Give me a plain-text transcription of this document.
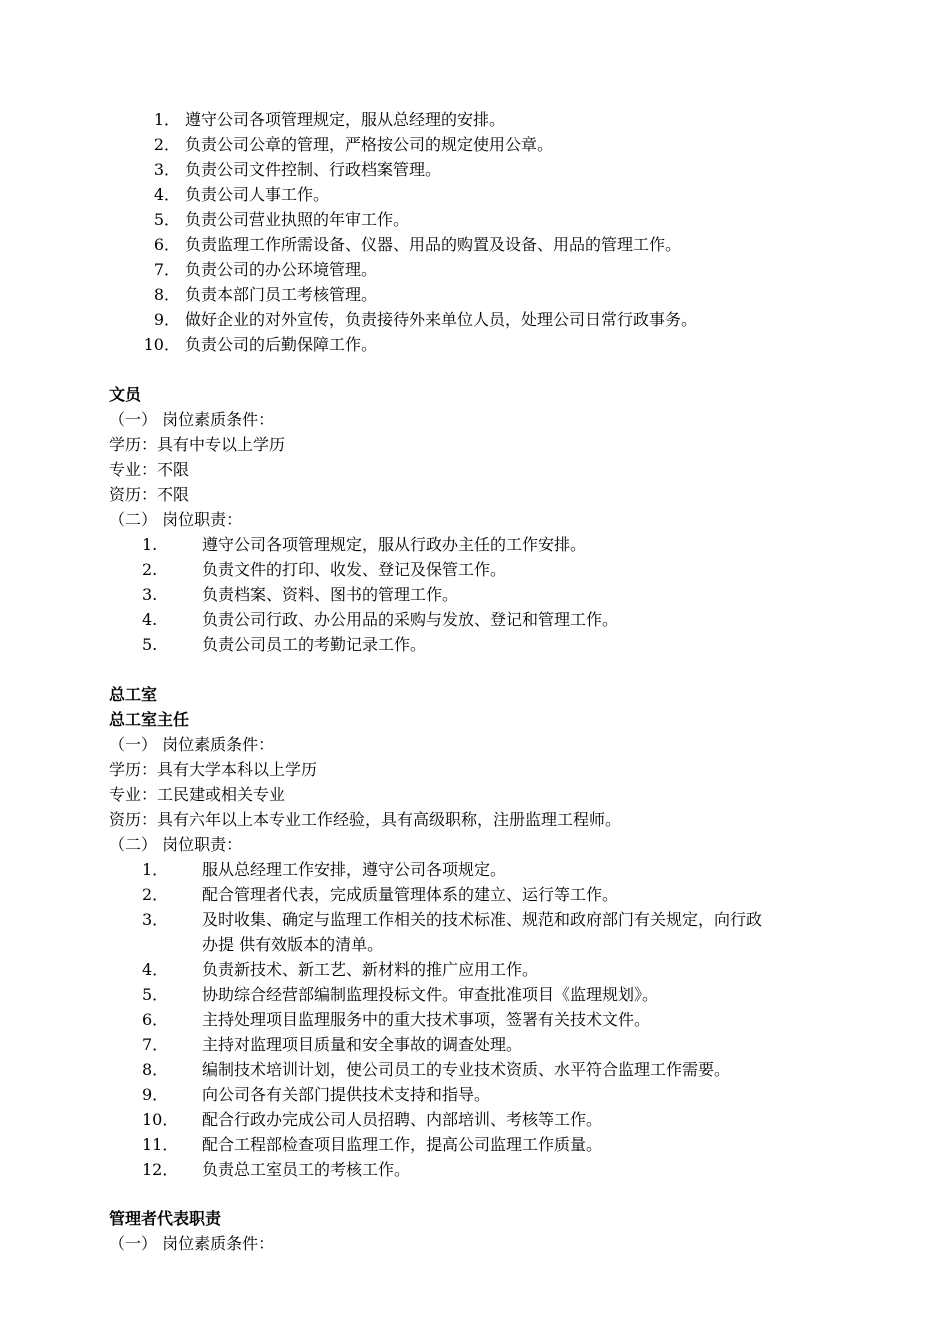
1． 遵守公司各项管理规定，服从总经理的安排。
2． 负责公司公章的管理，严格按公司的规定使用公章。
3． 负责公司文件控制、行政档案管理。
4． 负责公司人事工作。
5． 负责公司营业执照的年审工作。
6． 负责监理工作所需设备、仪器、用品的购置及设备、用品的管理工作。
7． 负责公司的办公环境管理。
8． 负责本部门员工考核管理。
9． 做好企业的对外宣传，负责接待外来单位人员，处理公司日常行政事务。
10． 负责公司的后勤保障工作。
文员
（一） 岗位素质条件：
学历：具有中专以上学历
专业：不限
资历：不限
（二） 岗位职责：
1.	遵守公司各项管理规定，服从行政办主任的工作安排。
2.	负责文件的打印、收发、登记及保管工作。
3.	负责档案、资料、图书的管理工作。
4.	负责公司行政、办公用品的采购与发放、登记和管理工作。
5.	负责公司员工的考勤记录工作。
总工室
总工室主任
（一） 岗位素质条件：
学历：具有大学本科以上学历
专业：工民建或相关专业
资历：具有六年以上本专业工作经验，具有高级职称，注册监理工程师。
（二） 岗位职责：
1． 服从总经理工作安排，遵守公司各项规定。
2． 配合管理者代表，完成质量管理体系的建立、运行等工作。
3． 及时收集、确定与监理工作相关的技术标准、规范和政府部门有关规定，向行政
办提 供有效版本的清单。
4． 负责新技术、新工艺、新材料的推广应用工作。
5． 协助综合经营部编制监理投标文件。审查批准项目《监理规划》。
6． 主持处理项目监理服务中的重大技术事项，签署有关技术文件。
7． 主持对监理项目质量和安全事故的调查处理。
8． 编制技术培训计划，使公司员工的专业技术资质、水平符合监理工作需要。
9． 向公司各有关部门提供技术支持和指导。
10． 配合行政办完成公司人员招聘、内部培训、考核等工作。
11． 配合工程部检查项目监理工作，提高公司监理工作质量。
12． 负责总工室员工的考核工作。
管理者代表职责
（一） 岗位素质条件：
